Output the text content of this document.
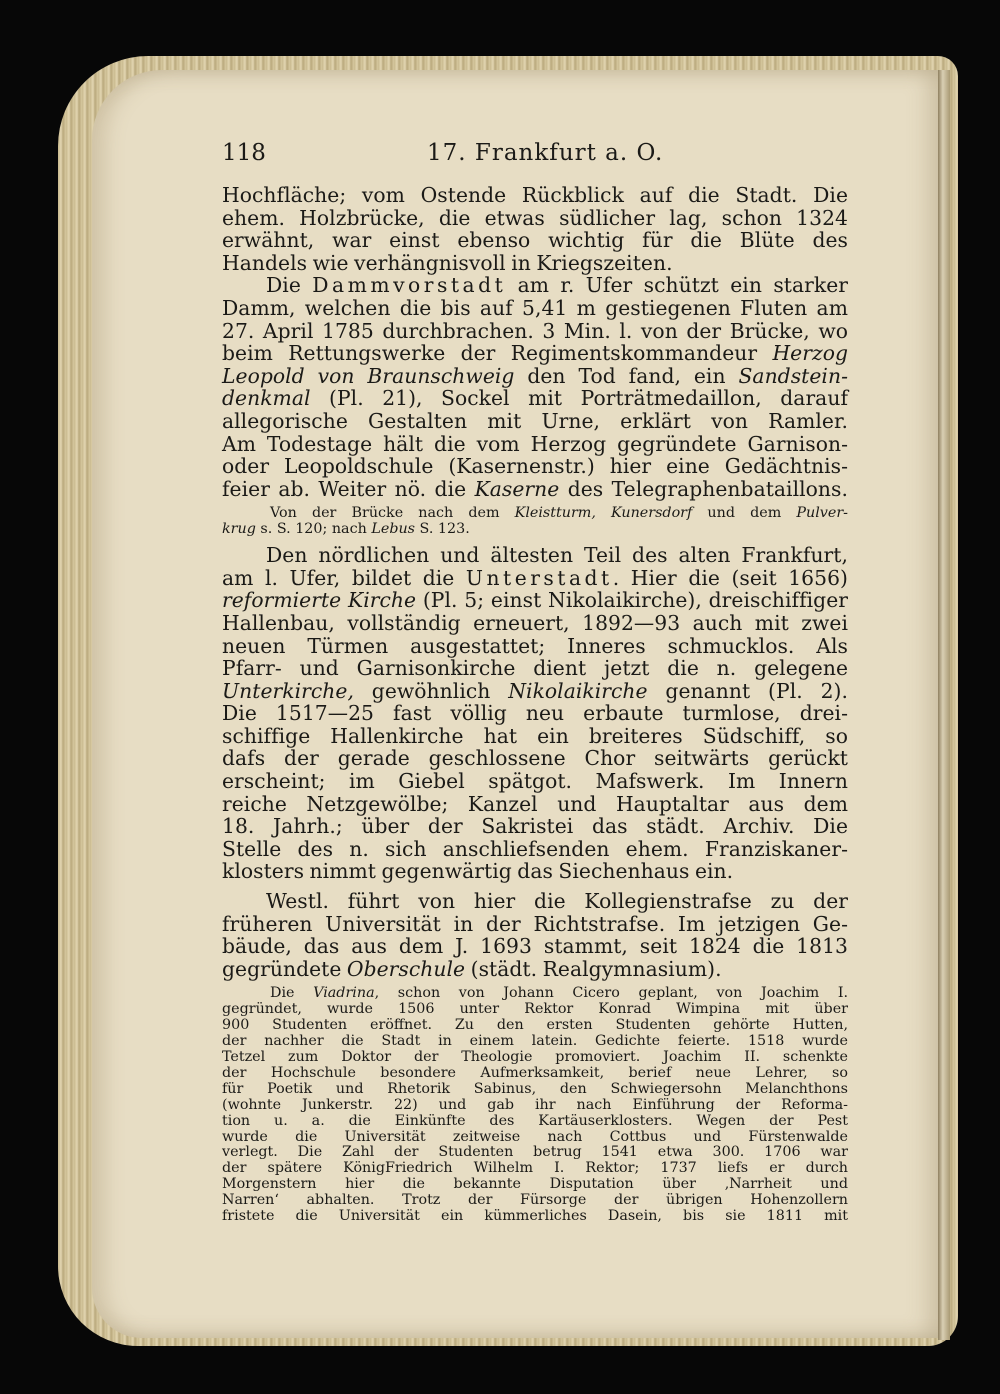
118	17. Frankfurt a. O.

Hochfläche; vom Ostende Rückblick auf die Stadt. Die
ehem. Holzbrücke, die etwas südlicher lag, schon 1324
erwähnt, war einst ebenso wichtig für die Blüte des
Handels wie verhängnisvoll in Kriegszeiten.

Die Dammvorstadt am r. Ufer schützt ein starker
Damm, welchen die bis auf 5,41 m gestiegenen Fluten am
27. April 1785 durchbrachen. 3 Min. l. von der Brücke, wo
beim Rettungswerke der Regimentskommandeur Herzog
Leopold von Braunschweig den Tod fand, ein Sandstein-
denkmal (Pl. 21), Sockel mit Porträtmedaillon, darauf
allegorische Gestalten mit Urne, erklärt von Ramler.
Am Todestage hält die vom Herzog gegründete Garnison-
oder Leopoldschule (Kasernenstr.) hier eine Gedächtnis-
feier ab. Weiter nö. die Kaserne des Telegraphenbataillons.

Von der Brücke nach dem Kleistturm, Kunersdorf und dem Pulver-
krug s. S. 120; nach Lebus S. 123.

Den nördlichen und ältesten Teil des alten Frankfurt,
am l. Ufer, bildet die Unterstadt. Hier die (seit 1656)
reformierte Kirche (Pl. 5; einst Nikolaikirche), dreischiffiger
Hallenbau, vollständig erneuert, 1892—93 auch mit zwei
neuen Türmen ausgestattet; Inneres schmucklos. Als
Pfarr- und Garnisonkirche dient jetzt die n. gelegene
Unterkirche, gewöhnlich Nikolaikirche genannt (Pl. 2).
Die 1517—25 fast völlig neu erbaute turmlose, drei-
schiffige Hallenkirche hat ein breiteres Südschiff, so
dafs der gerade geschlossene Chor seitwärts gerückt
erscheint; im Giebel spätgot. Mafswerk. Im Innern
reiche Netzgewölbe; Kanzel und Hauptaltar aus dem
18. Jahrh.; über der Sakristei das städt. Archiv. Die
Stelle des n. sich anschliefsenden ehem. Franziskaner-
klosters nimmt gegenwärtig das Siechenhaus ein.

Westl. führt von hier die Kollegienstrafse zu der
früheren Universität in der Richtstrafse. Im jetzigen Ge-
bäude, das aus dem J. 1693 stammt, seit 1824 die 1813
gegründete Oberschule (städt. Realgymnasium).

Die Viadrina, schon von Johann Cicero geplant, von Joachim I.
gegründet, wurde 1506 unter Rektor Konrad Wimpina mit über
900 Studenten eröffnet. Zu den ersten Studenten gehörte Hutten,
der nachher die Stadt in einem latein. Gedichte feierte. 1518 wurde
Tetzel zum Doktor der Theologie promoviert. Joachim II. schenkte
der Hochschule besondere Aufmerksamkeit, berief neue Lehrer, so
für Poetik und Rhetorik Sabinus, den Schwiegersohn Melanchthons
(wohnte Junkerstr. 22) und gab ihr nach Einführung der Reforma-
tion u. a. die Einkünfte des Kartäuserklosters. Wegen der Pest
wurde die Universität zeitweise nach Cottbus und Fürstenwalde
verlegt. Die Zahl der Studenten betrug 1541 etwa 300. 1706 war
der spätere KönigFriedrich Wilhelm I. Rektor; 1737 liefs er durch
Morgenstern hier die bekannte Disputation über ‚Narrheit und
Narren‘ abhalten. Trotz der Fürsorge der übrigen Hohenzollern
fristete die Universität ein kümmerliches Dasein, bis sie 1811 mit
